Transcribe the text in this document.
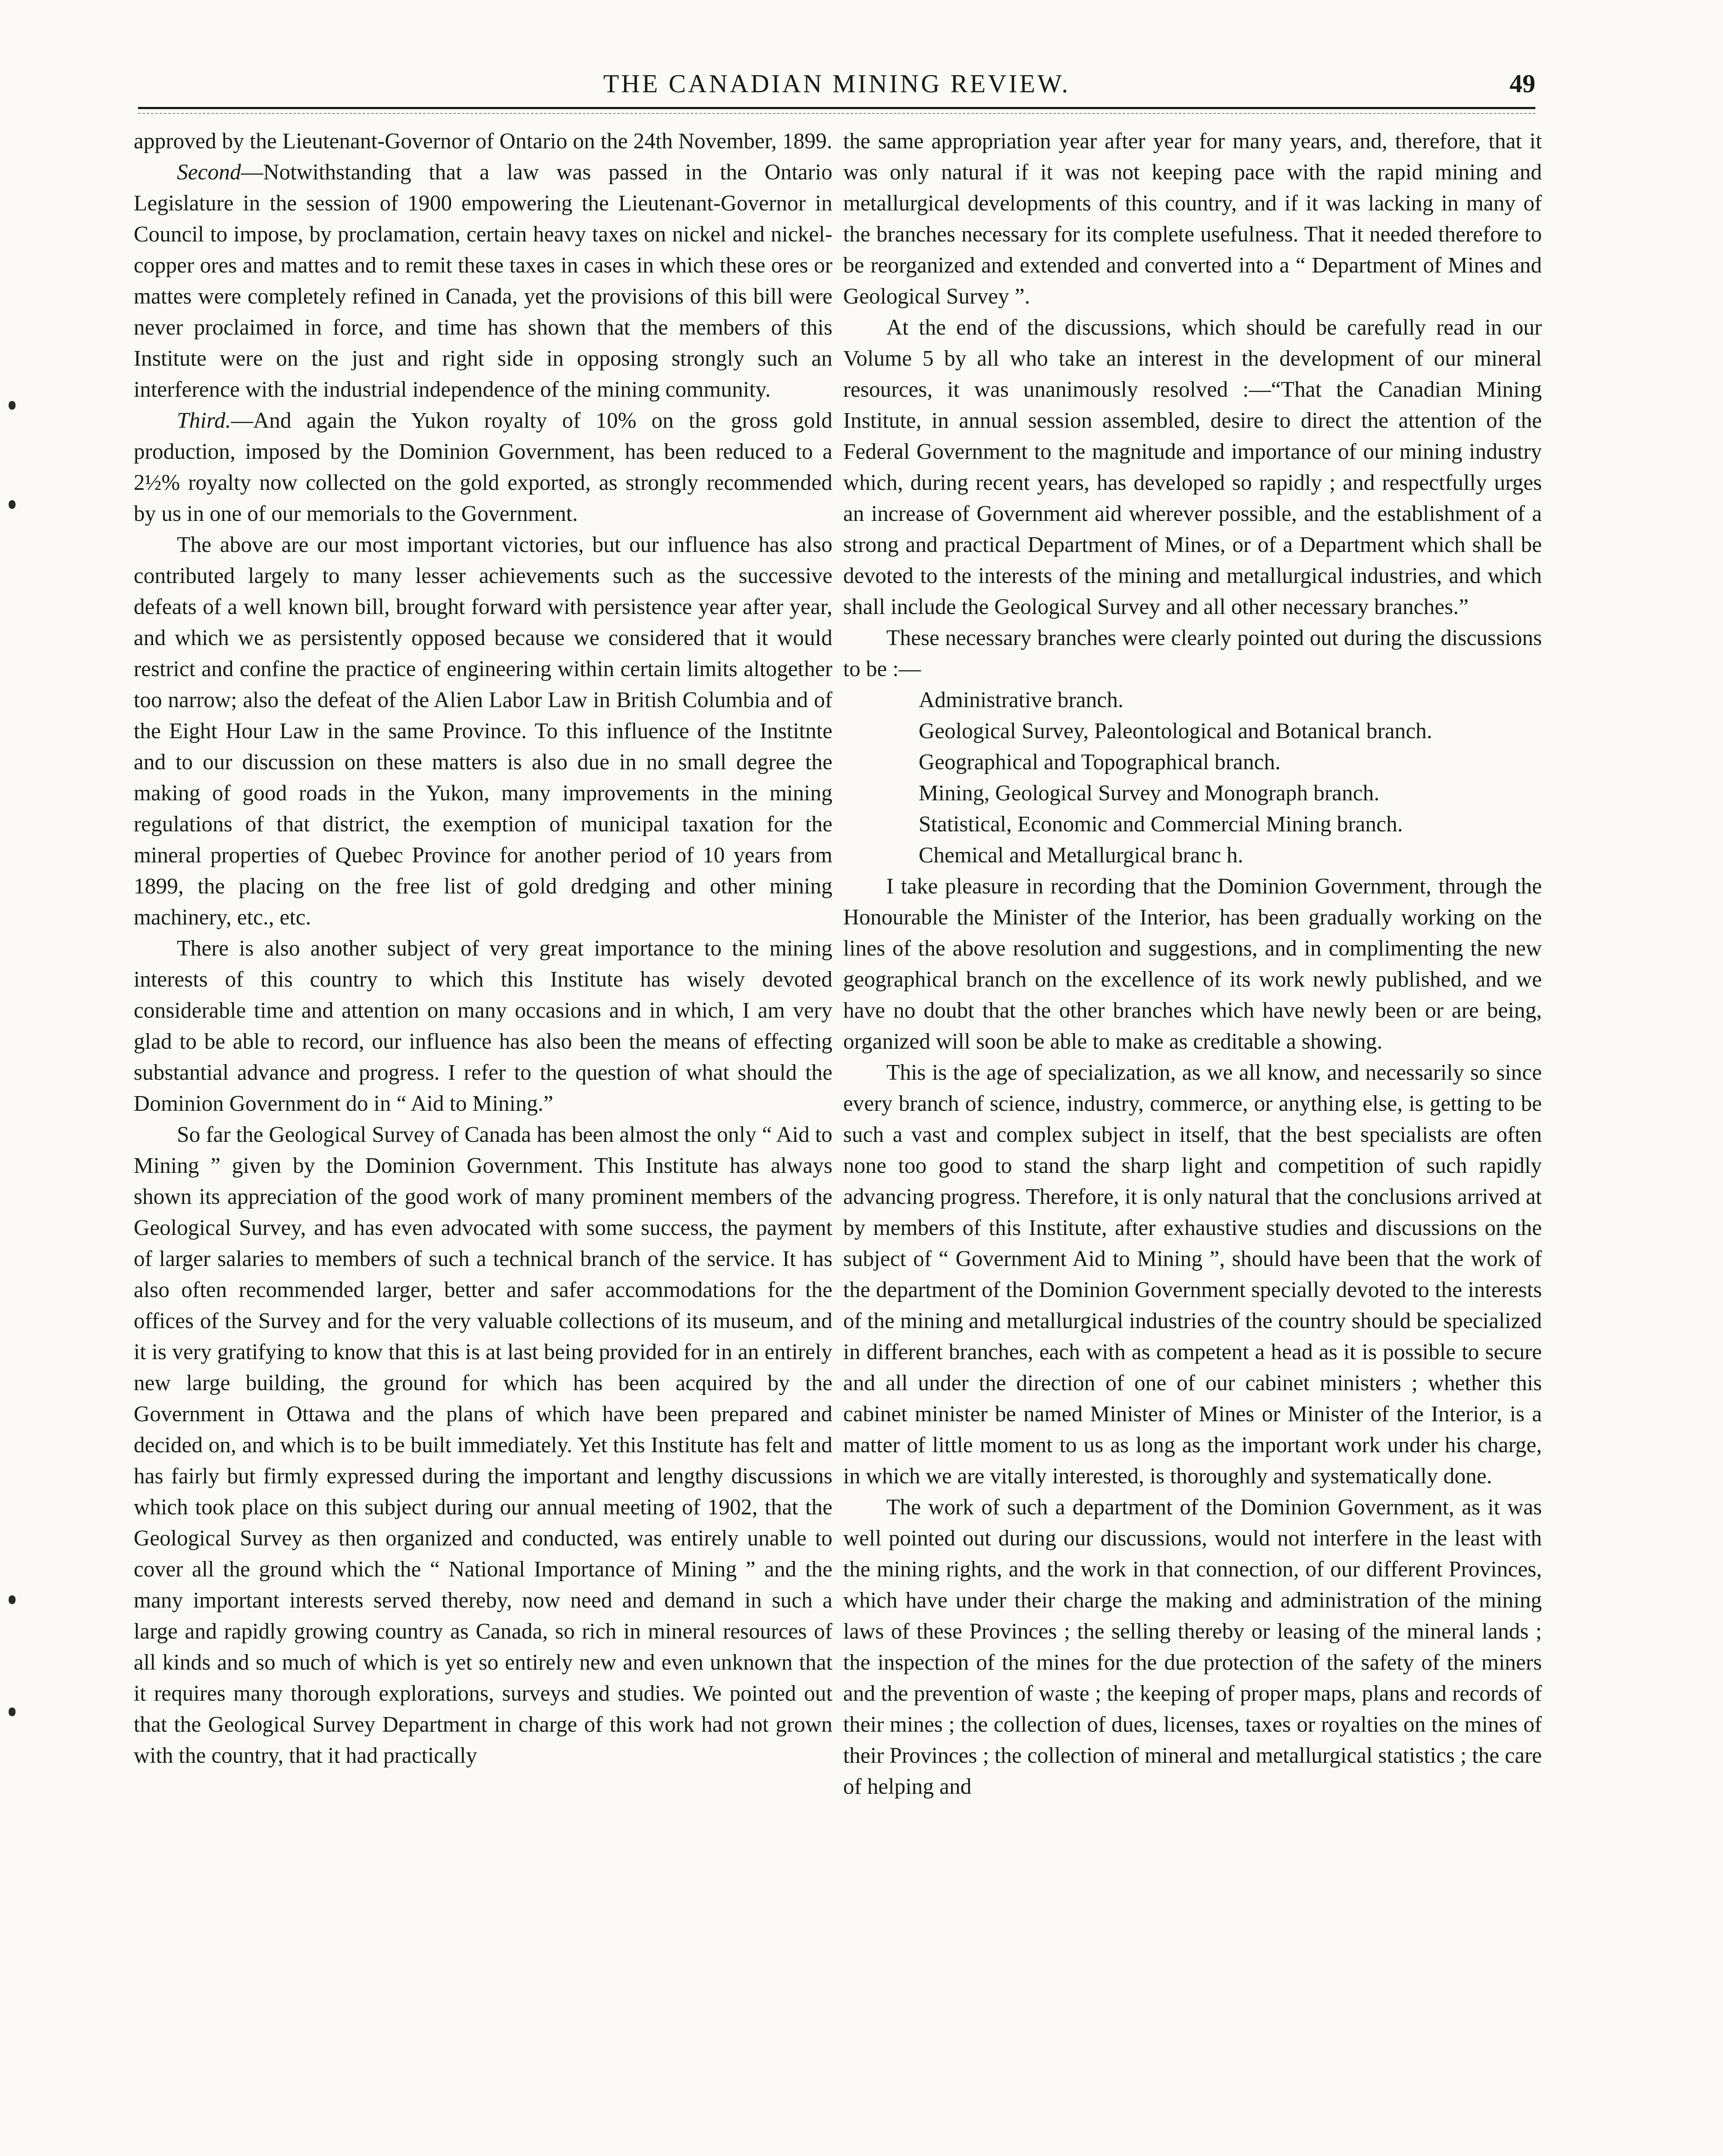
THE CANADIAN MINING REVIEW.	49

approved by the Lieutenant-Governor of Ontario on the 24th November, 1899.

Second—Notwithstanding that a law was passed in the Ontario Legislature in the session of 1900 empowering the Lieutenant-Governor in Council to impose, by proclamation, certain heavy taxes on nickel and nickel-copper ores and mattes and to remit these taxes in cases in which these ores or mattes were completely refined in Canada, yet the provisions of this bill were never proclaimed in force, and time has shown that the members of this Institute were on the just and right side in opposing strongly such an interference with the industrial independence of the mining community.

Third.—And again the Yukon royalty of 10% on the gross gold production, imposed by the Dominion Government, has been reduced to a 2½% royalty now collected on the gold exported, as strongly recommended by us in one of our memorials to the Government.

The above are our most important victories, but our influence has also contributed largely to many lesser achievements such as the successive defeats of a well known bill, brought forward with persistence year after year, and which we as persistently opposed because we considered that it would restrict and confine the practice of engineering within certain limits altogether too narrow; also the defeat of the Alien Labor Law in British Columbia and of the Eight Hour Law in the same Province. To this influence of the Institnte and to our discussion on these matters is also due in no small degree the making of good roads in the Yukon, many improvements in the mining regulations of that district, the exemption of municipal taxation for the mineral properties of Quebec Province for another period of 10 years from 1899, the placing on the free list of gold dredging and other mining machinery, etc., etc.

There is also another subject of very great importance to the mining interests of this country to which this Institute has wisely devoted considerable time and attention on many occasions and in which, I am very glad to be able to record, our influence has also been the means of effecting substantial advance and progress. I refer to the question of what should the Dominion Government do in “ Aid to Mining.”

So far the Geological Survey of Canada has been almost the only “ Aid to Mining ” given by the Dominion Government. This Institute has always shown its appreciation of the good work of many prominent members of the Geological Survey, and has even advocated with some success, the payment of larger salaries to members of such a technical branch of the service. It has also often recommended larger, better and safer accommodations for the offices of the Survey and for the very valuable collections of its museum, and it is very gratifying to know that this is at last being provided for in an entirely new large building, the ground for which has been acquired by the Government in Ottawa and the plans of which have been prepared and decided on, and which is to be built immediately. Yet this Institute has felt and has fairly but firmly expressed during the important and lengthy discussions which took place on this subject during our annual meeting of 1902, that the Geological Survey as then organized and conducted, was entirely unable to cover all the ground which the “ National Importance of Mining ” and the many important interests served thereby, now need and demand in such a large and rapidly growing country as Canada, so rich in mineral resources of all kinds and so much of which is yet so entirely new and even unknown that it requires many thorough explorations, surveys and studies. We pointed out that the Geological Survey Department in charge of this work had not grown with the country, that it had practically

the same appropriation year after year for many years, and, therefore, that it was only natural if it was not keeping pace with the rapid mining and metallurgical developments of this country, and if it was lacking in many of the branches necessary for its complete usefulness. That it needed therefore to be reorganized and extended and converted into a “ Department of Mines and Geological Survey ”.

At the end of the discussions, which should be carefully read in our Volume 5 by all who take an interest in the development of our mineral resources, it was unanimously resolved :—“That the Canadian Mining Institute, in annual session assembled, desire to direct the attention of the Federal Government to the magnitude and importance of our mining industry which, during recent years, has developed so rapidly ; and respectfully urges an increase of Government aid wherever possible, and the establishment of a strong and practical Department of Mines, or of a Department which shall be devoted to the interests of the mining and metallurgical industries, and which shall include the Geological Survey and all other necessary branches.”

These necessary branches were clearly pointed out during the discussions to be :—

Administrative branch.
Geological Survey, Paleontological and Botanical branch.
Geographical and Topographical branch.
Mining, Geological Survey and Monograph branch.
Statistical, Economic and Commercial Mining branch.
Chemical and Metallurgical branc h.

I take pleasure in recording that the Dominion Government, through the Honourable the Minister of the Interior, has been gradually working on the lines of the above resolution and suggestions, and in complimenting the new geographical branch on the excellence of its work newly published, and we have no doubt that the other branches which have newly been or are being, organized will soon be able to make as creditable a showing.

This is the age of specialization, as we all know, and necessarily so since every branch of science, industry, commerce, or anything else, is getting to be such a vast and complex subject in itself, that the best specialists are often none too good to stand the sharp light and competition of such rapidly advancing progress. Therefore, it is only natural that the conclusions arrived at by members of this Institute, after exhaustive studies and discussions on the subject of “ Government Aid to Mining ”, should have been that the work of the department of the Dominion Government specially devoted to the interests of the mining and metallurgical industries of the country should be specialized in different branches, each with as competent a head as it is possible to secure and all under the direction of one of our cabinet ministers ; whether this cabinet minister be named Minister of Mines or Minister of the Interior, is a matter of little moment to us as long as the important work under his charge, in which we are vitally interested, is thoroughly and systematically done.

The work of such a department of the Dominion Government, as it was well pointed out during our discussions, would not interfere in the least with the mining rights, and the work in that connection, of our different Provinces, which have under their charge the making and administration of the mining laws of these Provinces ; the selling thereby or leasing of the mineral lands ; the inspection of the mines for the due protection of the safety of the miners and the prevention of waste ; the keeping of proper maps, plans and records of their mines ; the collection of dues, licenses, taxes or royalties on the mines of their Provinces ; the collection of mineral and metallurgical statistics ; the care of helping and
